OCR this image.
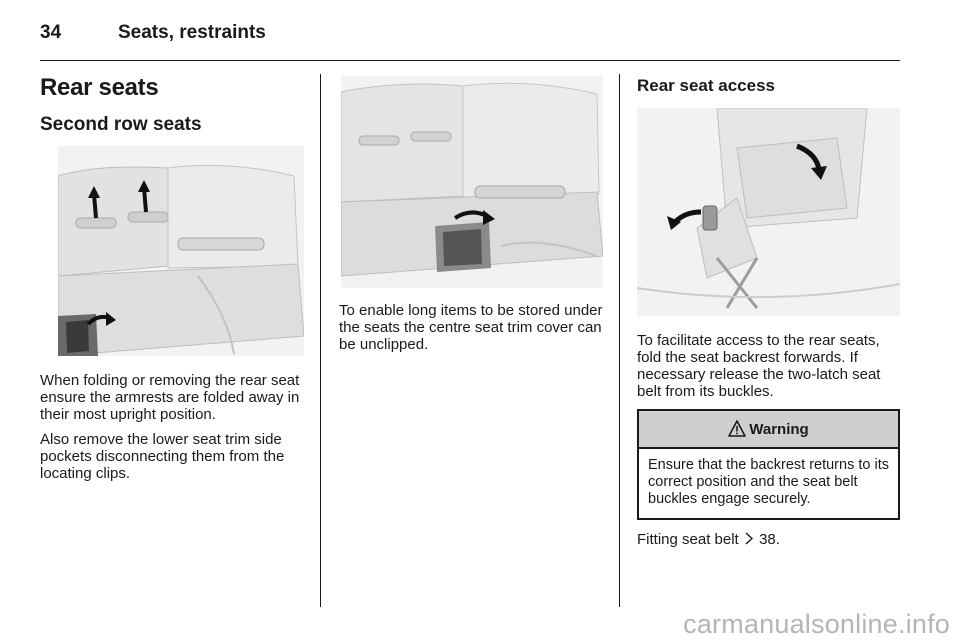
34	Seats, restraints
Rear seats
Second row seats
When folding or removing the rear seat ensure the armrests are folded away in their most upright position.
Also remove the lower seat trim side pockets disconnecting them from the locating clips.
To enable long items to be stored under the seats the centre seat trim cover can be unclipped.
Rear seat access
To facilitate access to the rear seats, fold the seat backrest forwards. If necessary release the two-latch seat belt from its buckles.
Warning
Ensure that the backrest returns to its correct position and the seat belt buckles engage securely.
Fitting seat belt 38.
carmanualsonline.info
